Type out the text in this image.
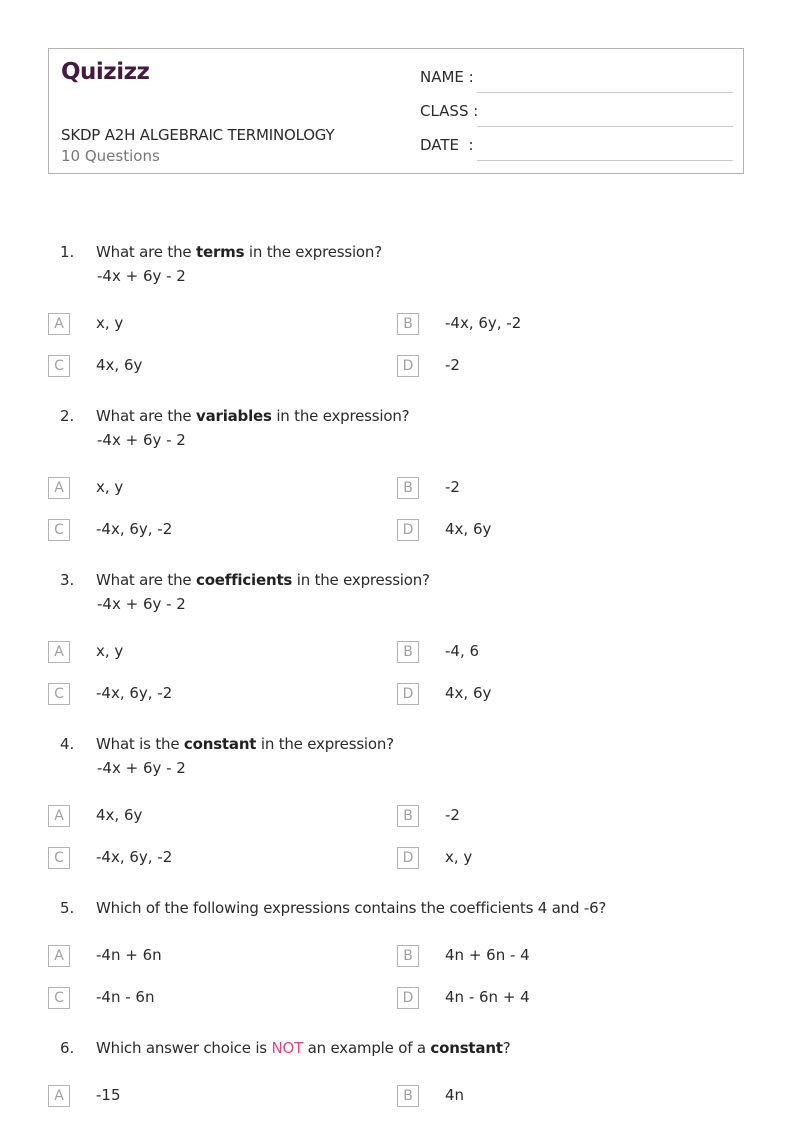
Quizizz
SKDP A2H ALGEBRAIC TERMINOLOGY
10 Questions
NAME :
CLASS :
DATE  :
1. What are the terms in the expression?
-4x + 6y - 2
A	x, y	B	-4x, 6y, -2
C	4x, 6y	D	-2
2. What are the variables in the expression?
-4x + 6y - 2
A	x, y	B	-2
C	-4x, 6y, -2	D	4x, 6y
3. What are the coefficients in the expression?
-4x + 6y - 2
A	x, y	B	-4, 6
C	-4x, 6y, -2	D	4x, 6y
4. What is the constant in the expression?
-4x + 6y - 2
A	4x, 6y	B	-2
C	-4x, 6y, -2	D	x, y
5. Which of the following expressions contains the coefficients 4 and -6?
A	-4n + 6n	B	4n + 6n - 4
C	-4n - 6n	D	4n - 6n + 4
6. Which answer choice is NOT an example of a constant?
A	-15	B	4n
